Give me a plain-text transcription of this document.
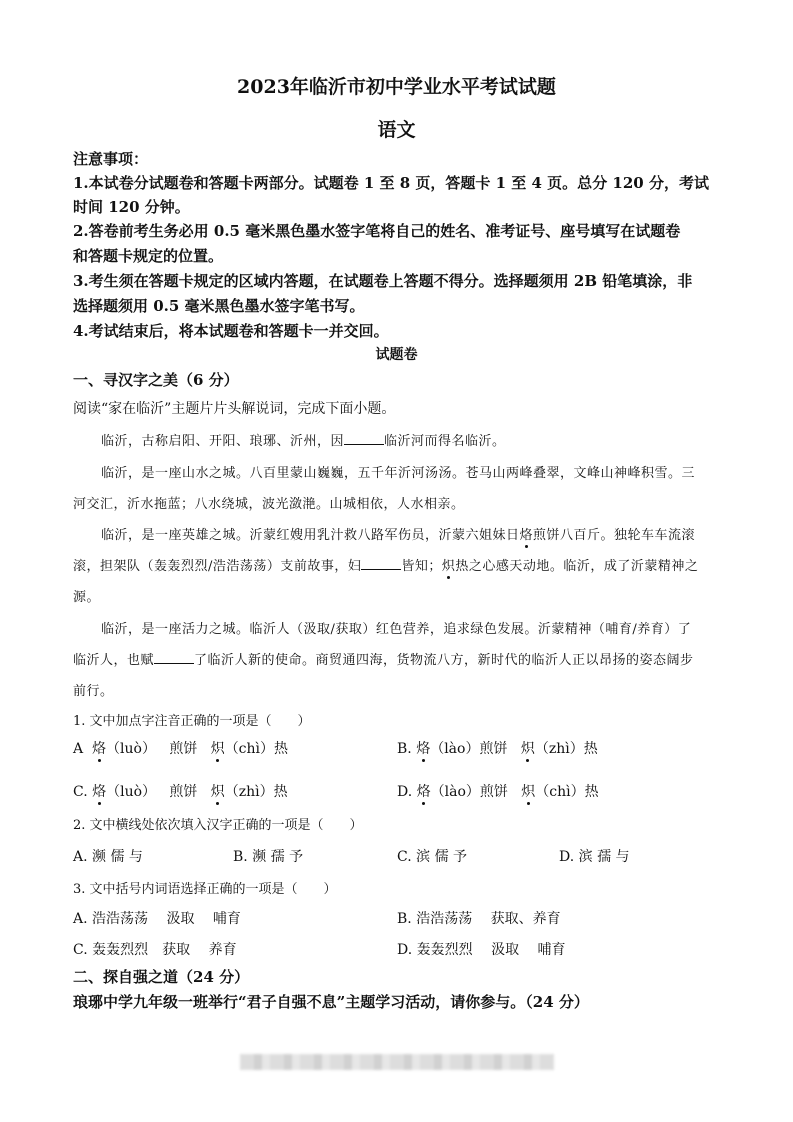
2023年临沂市初中学业水平考试试题
语文
注意事项：
1.本试卷分试题卷和答题卡两部分。试题卷 1 至 8 页，答题卡 1 至 4 页。总分 120 分，考试
时间 120 分钟。
2.答卷前考生务必用 0.5 毫米黑色墨水签字笔将自己的姓名、准考证号、座号填写在试题卷
和答题卡规定的位置。
3.考生须在答题卡规定的区域内答题，在试题卷上答题不得分。选择题须用 2B 铅笔填涂，非
选择题须用 0.5 毫米黑色墨水签字笔书写。
4.考试结束后，将本试题卷和答题卡一并交回。
试题卷
一、寻汉字之美（6 分）
阅读“家在临沂”主题片片头解说词，完成下面小题。
临沂，古称启阳、开阳、琅琊、沂州，因	临沂河而得名临沂。
临沂，是一座山水之城。八百里蒙山巍巍，五千年沂河汤汤。苍马山两峰叠翠，文峰山神峰积雪。三
河交汇，沂水拖蓝；八水绕城，波光潋滟。山城相依，人水相亲。
临沂，是一座英雄之城。沂蒙红嫂用乳汁救八路军伤员，沂蒙六姐妹日烙煎饼八百斤。独轮车车流滚
滚，担架队（轰轰烈烈/浩浩荡荡）支前故事，妇	皆知；炽热之心感天动地。临沂，成了沂蒙精神之
源。
临沂，是一座活力之城。临沂人（汲取/获取）红色营养，追求绿色发展。沂蒙精神（哺育/养育）了
临沂人，也赋	了临沂人新的使命。商贸通四海，货物流八方，新时代的临沂人正以昂扬的姿态阔步
前行。
1. 文中加点字注音正确的一项是（　　）
A 烙（luò） 煎饼 炽（chì）热	B. 烙（lào）煎饼 炽（zhì）热
C. 烙（luò） 煎饼 炽（zhì）热	D. 烙（lào）煎饼 炽（chì）热
2. 文中横线处依次填入汉字正确的一项是（　　）
A. 濒 儒 与	B. 濒 孺 予	C. 滨 儒 予	D. 滨 孺 与
3. 文中括号内词语选择正确的一项是（　　）
A. 浩浩荡荡　 汲取　 哺育	B. 浩浩荡荡　 获取、养育
C. 轰轰烈烈　获取　 养育	D. 轰轰烈烈　 汲取　 哺育
二、探自强之道（24 分）
琅琊中学九年级一班举行“君子自强不息”主题学习活动，请你参与。（24 分）
